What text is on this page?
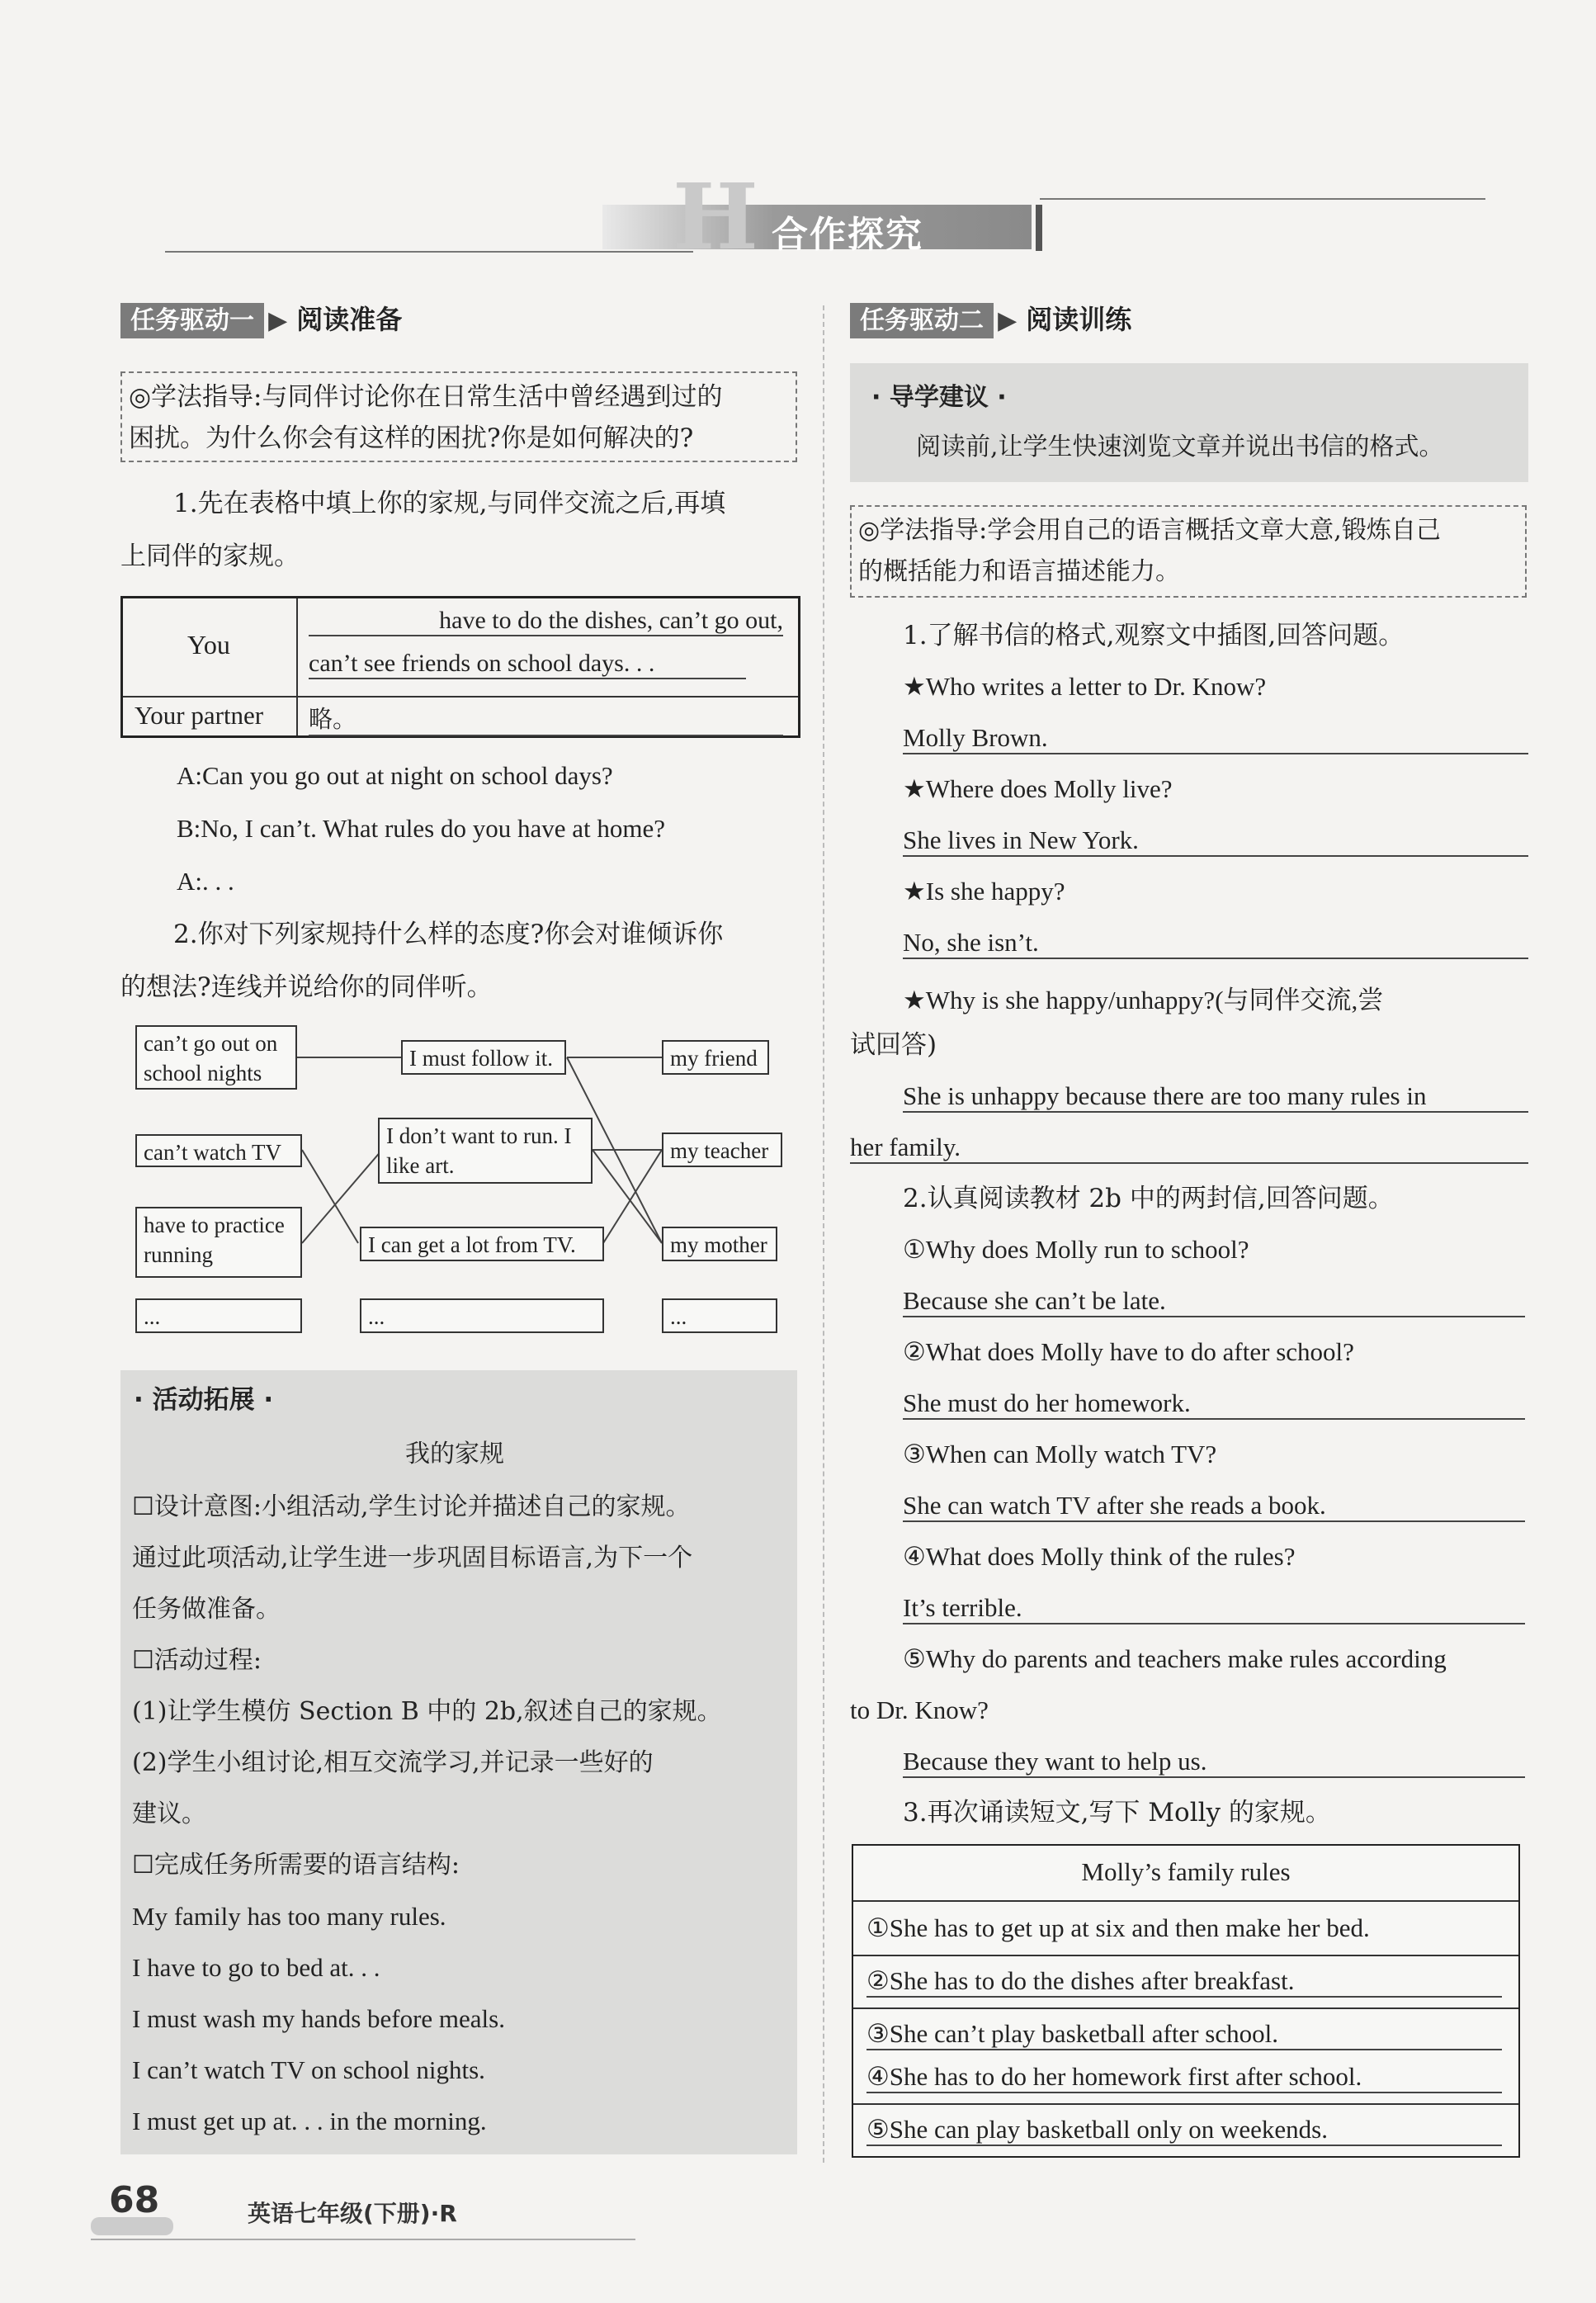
H 合作探究
任务驱动一 ▶ 阅读准备
◎学法指导:与同伴讨论你在日常生活中曾经遇到过的
困扰。为什么你会有这样的困扰?你是如何解决的?
1.先在表格中填上你的家规,与同伴交流之后,再填
上同伴的家规。
You
have to do the dishes, can’t go out,
can’t see friends on school days. . .
Your partner 略。
A:Can you go out at night on school days?
B:No, I can’t. What rules do you have at home?
A:. . .
2.你对下列家规持什么样的态度?你会对谁倾诉你
的想法?连线并说给你的同伴听。
can’t go out on school nights
can’t watch TV
have to practice running
...
I must follow it.
I don’t want to run. I like art.
I can get a lot from TV.
...
my friend
my teacher
my mother
...
· 活动拓展 ·
我的家规
☐设计意图:小组活动,学生讨论并描述自己的家规。
通过此项活动,让学生进一步巩固目标语言,为下一个
任务做准备。
☐活动过程:
(1)让学生模仿 Section B 中的 2b,叙述自己的家规。
(2)学生小组讨论,相互交流学习,并记录一些好的
建议。
☐完成任务所需要的语言结构:
My family has too many rules.
I have to go to bed at. . .
I must wash my hands before meals.
I can’t watch TV on school nights.
I must get up at. . . in the morning.
任务驱动二 ▶ 阅读训练
· 导学建议 ·
阅读前,让学生快速浏览文章并说出书信的格式。
◎学法指导:学会用自己的语言概括文章大意,锻炼自己
的概括能力和语言描述能力。
1.了解书信的格式,观察文中插图,回答问题。
★Who writes a letter to Dr. Know?
Molly Brown.
★Where does Molly live?
She lives in New York.
★Is she happy?
No, she isn’t.
★Why is she happy/unhappy?(与同伴交流,尝
试回答)
She is unhappy because there are too many rules in
her family.
2.认真阅读教材 2b 中的两封信,回答问题。
①Why does Molly run to school?
Because she can’t be late.
②What does Molly have to do after school?
She must do her homework.
③When can Molly watch TV?
She can watch TV after she reads a book.
④What does Molly think of the rules?
It’s terrible.
⑤Why do parents and teachers make rules according
to Dr. Know?
Because they want to help us.
3.再次诵读短文,写下 Molly 的家规。
Molly’s family rules
①She has to get up at six and then make her bed.
②She has to do the dishes after breakfast.
③She can’t play basketball after school.
④She has to do her homework first after school.
⑤She can play basketball only on weekends.
68	英语七年级(下册)·R
